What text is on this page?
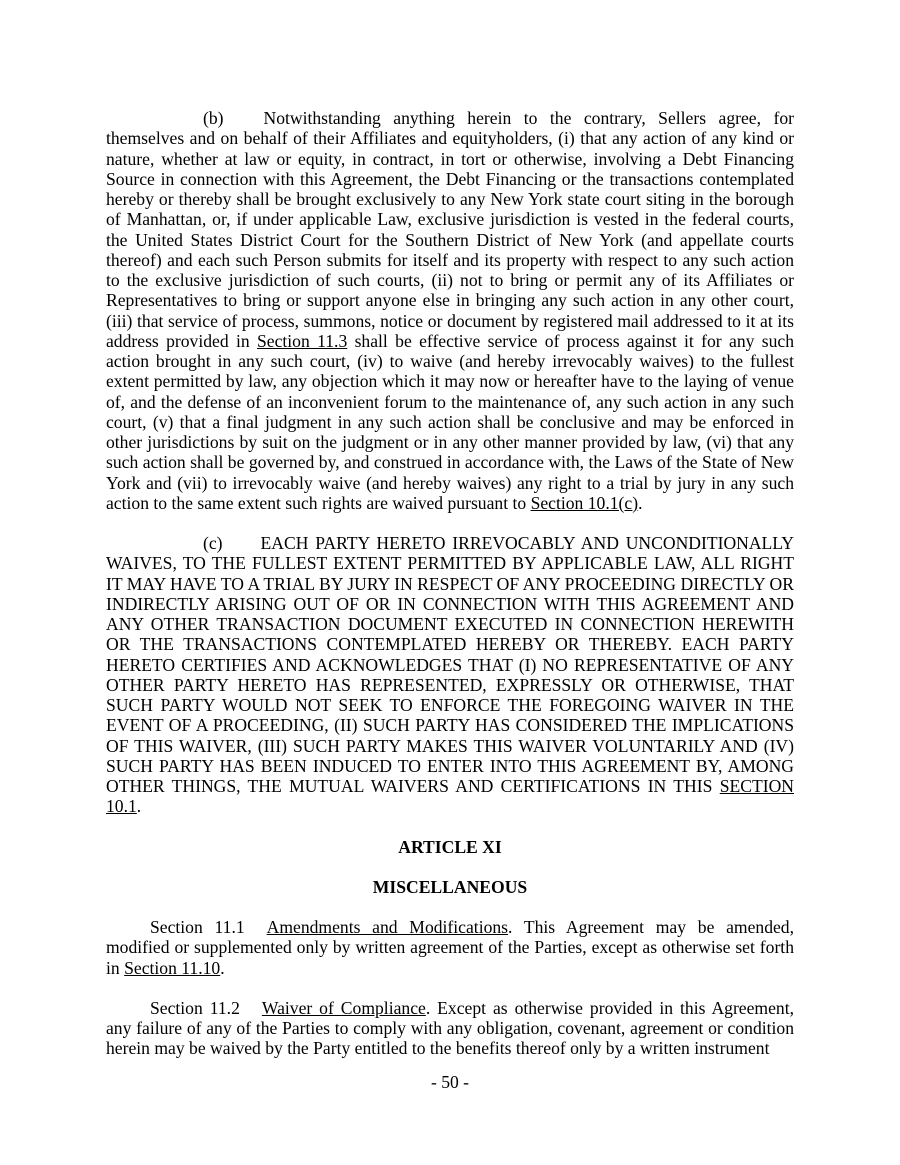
(b) Notwithstanding anything herein to the contrary, Sellers agree, for themselves and on behalf of their Affiliates and equityholders, (i) that any action of any kind or nature, whether at law or equity, in contract, in tort or otherwise, involving a Debt Financing Source in connection with this Agreement, the Debt Financing or the transactions contemplated hereby or thereby shall be brought exclusively to any New York state court siting in the borough of Manhattan, or, if under applicable Law, exclusive jurisdiction is vested in the federal courts, the United States District Court for the Southern District of New York (and appellate courts thereof) and each such Person submits for itself and its property with respect to any such action to the exclusive jurisdiction of such courts, (ii) not to bring or permit any of its Affiliates or Representatives to bring or support anyone else in bringing any such action in any other court, (iii) that service of process, summons, notice or document by registered mail addressed to it at its address provided in Section 11.3 shall be effective service of process against it for any such action brought in any such court, (iv) to waive (and hereby irrevocably waives) to the fullest extent permitted by law, any objection which it may now or hereafter have to the laying of venue of, and the defense of an inconvenient forum to the maintenance of, any such action in any such court, (v) that a final judgment in any such action shall be conclusive and may be enforced in other jurisdictions by suit on the judgment or in any other manner provided by law, (vi) that any such action shall be governed by, and construed in accordance with, the Laws of the State of New York and (vii) to irrevocably waive (and hereby waives) any right to a trial by jury in any such action to the same extent such rights are waived pursuant to Section 10.1(c).

(c) EACH PARTY HERETO IRREVOCABLY AND UNCONDITIONALLY WAIVES, TO THE FULLEST EXTENT PERMITTED BY APPLICABLE LAW, ALL RIGHT IT MAY HAVE TO A TRIAL BY JURY IN RESPECT OF ANY PROCEEDING DIRECTLY OR INDIRECTLY ARISING OUT OF OR IN CONNECTION WITH THIS AGREEMENT AND ANY OTHER TRANSACTION DOCUMENT EXECUTED IN CONNECTION HEREWITH OR THE TRANSACTIONS CONTEMPLATED HEREBY OR THEREBY. EACH PARTY HERETO CERTIFIES AND ACKNOWLEDGES THAT (I) NO REPRESENTATIVE OF ANY OTHER PARTY HERETO HAS REPRESENTED, EXPRESSLY OR OTHERWISE, THAT SUCH PARTY WOULD NOT SEEK TO ENFORCE THE FOREGOING WAIVER IN THE EVENT OF A PROCEEDING, (II) SUCH PARTY HAS CONSIDERED THE IMPLICATIONS OF THIS WAIVER, (III) SUCH PARTY MAKES THIS WAIVER VOLUNTARILY AND (IV) SUCH PARTY HAS BEEN INDUCED TO ENTER INTO THIS AGREEMENT BY, AMONG OTHER THINGS, THE MUTUAL WAIVERS AND CERTIFICATIONS IN THIS SECTION 10.1.

ARTICLE XI
MISCELLANEOUS

Section 11.1 Amendments and Modifications. This Agreement may be amended, modified or supplemented only by written agreement of the Parties, except as otherwise set forth in Section 11.10.

Section 11.2 Waiver of Compliance. Except as otherwise provided in this Agreement, any failure of any of the Parties to comply with any obligation, covenant, agreement or condition herein may be waived by the Party entitled to the benefits thereof only by a written instrument

- 50 -
